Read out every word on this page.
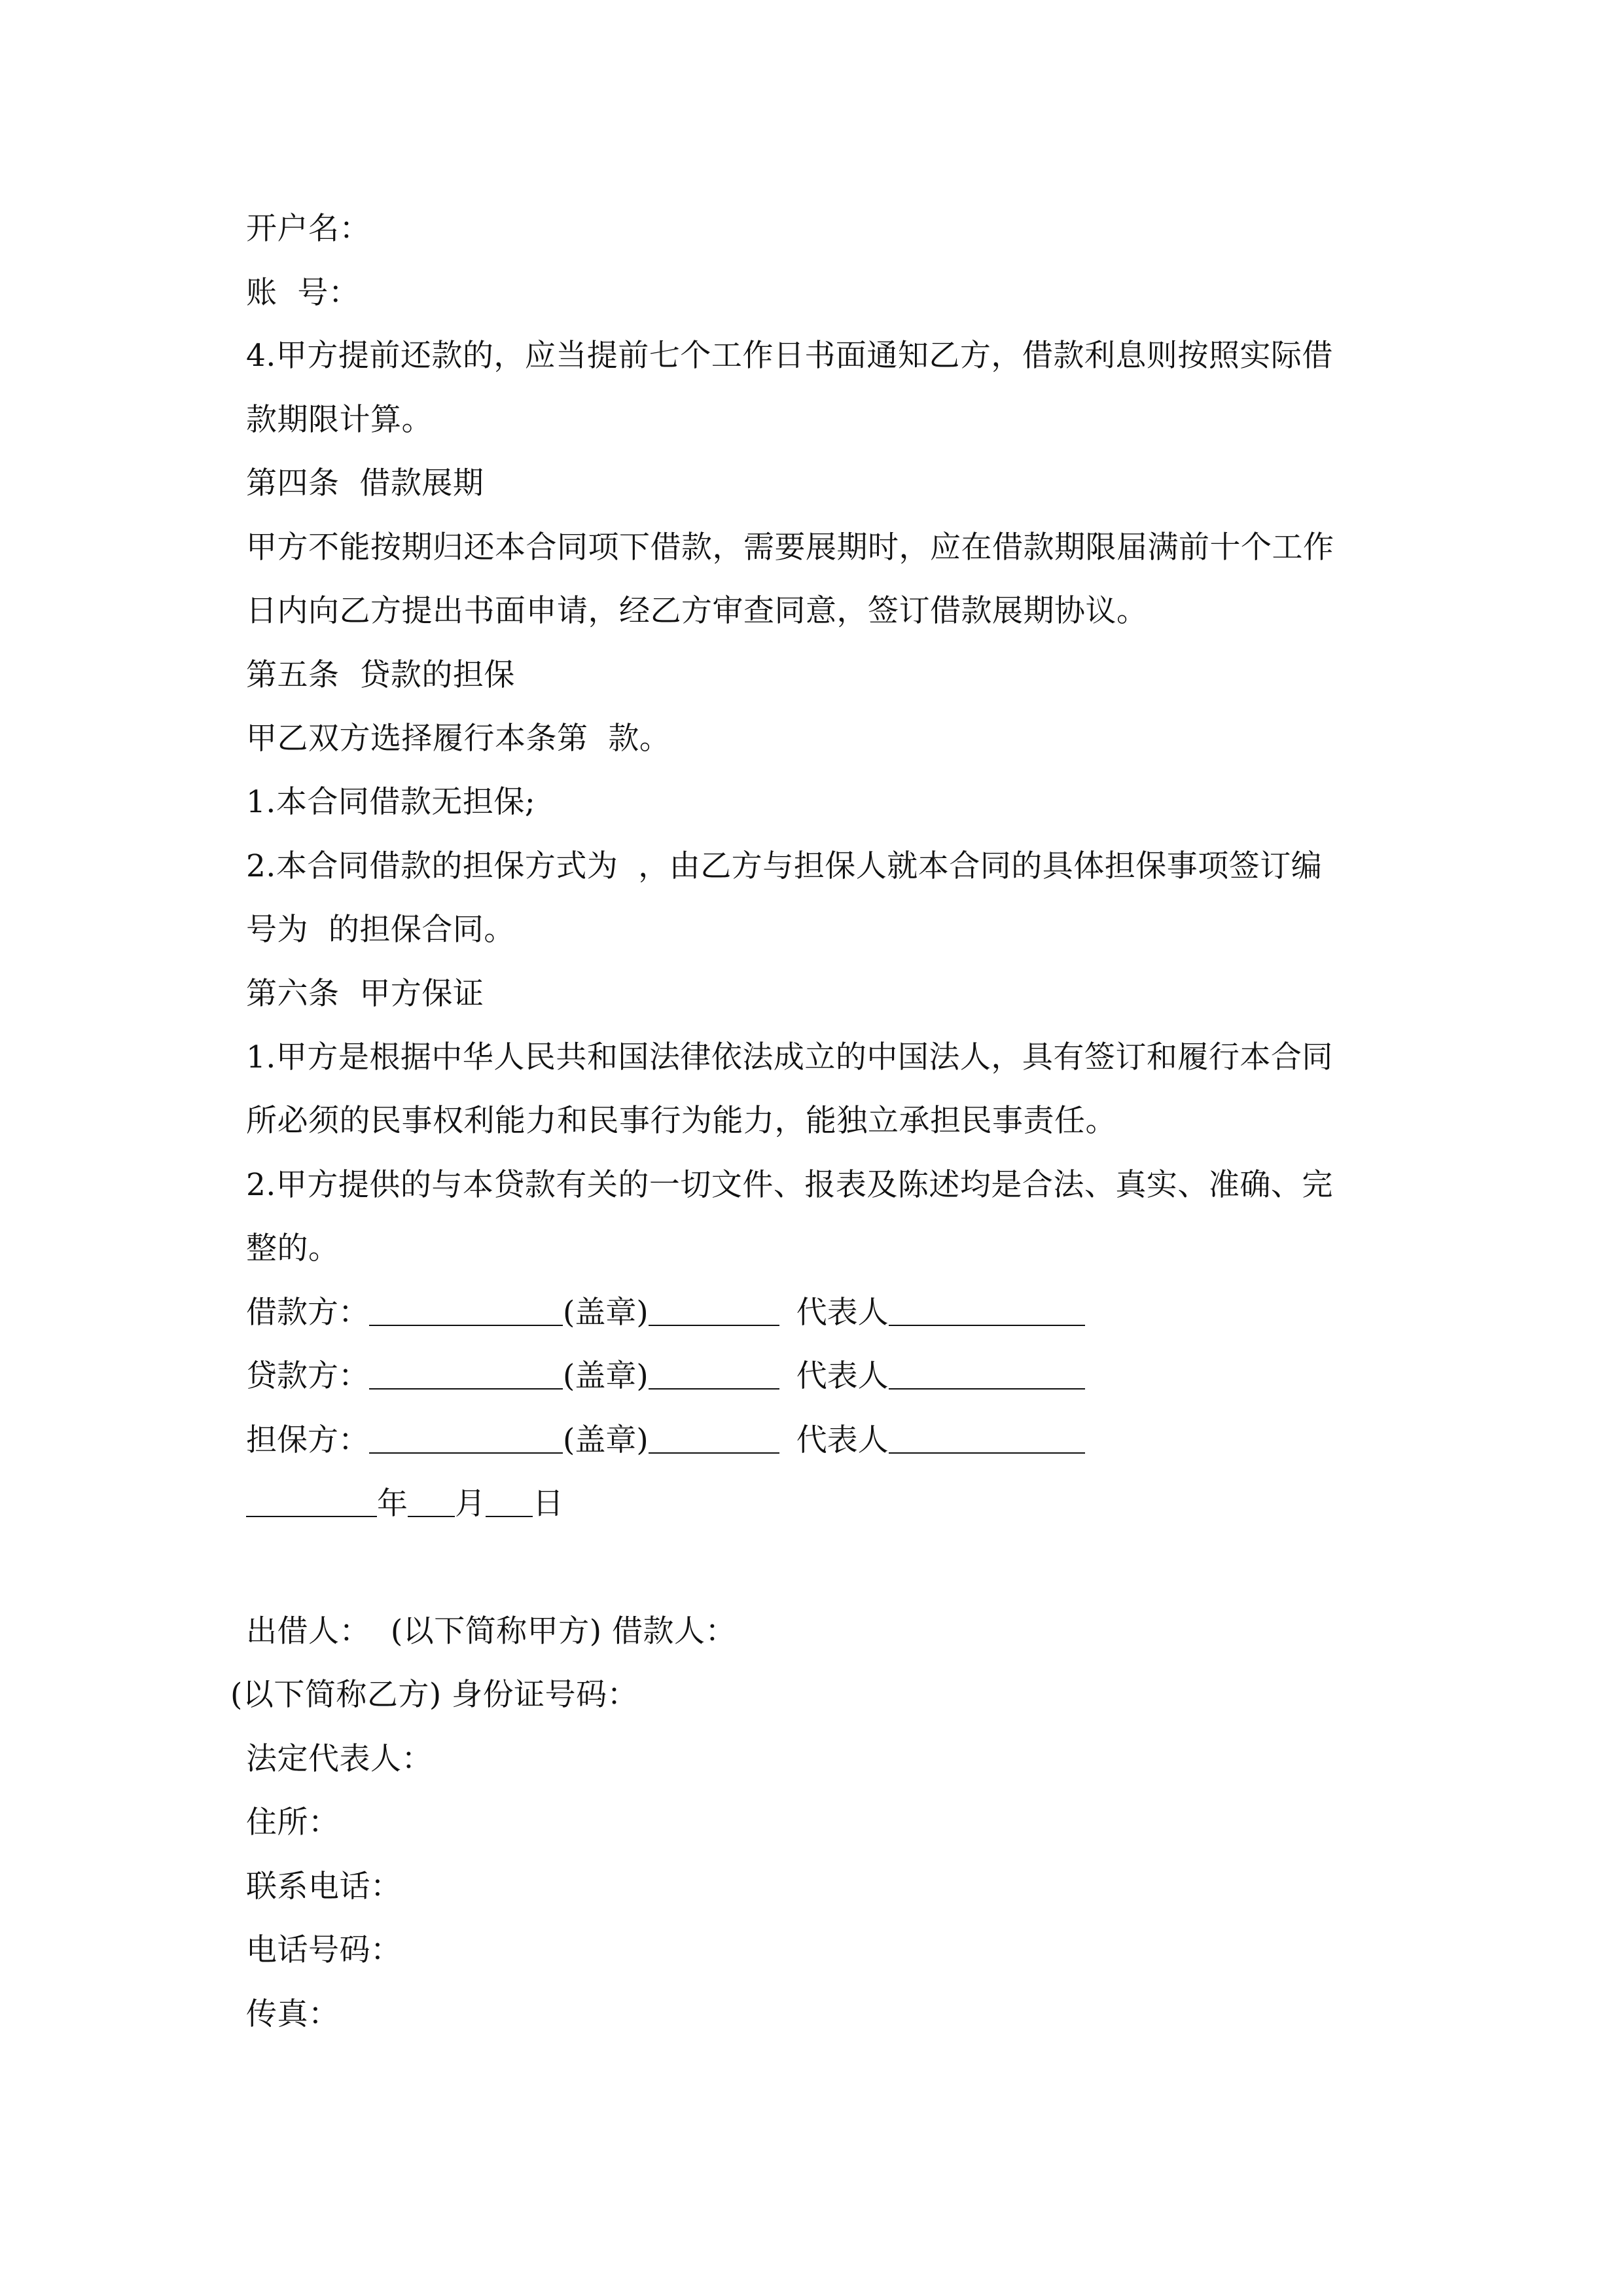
开户名：
账  号：
4.甲方提前还款的，应当提前七个工作日书面通知乙方，借款利息则按照实际借
款期限计算。
第四条  借款展期
甲方不能按期归还本合同项下借款，需要展期时，应在借款期限届满前十个工作
日内向乙方提出书面申请，经乙方审查同意，签订借款展期协议。
第五条  贷款的担保
甲乙双方选择履行本条第  款。
1.本合同借款无担保;
2.本合同借款的担保方式为  ，由乙方与担保人就本合同的具体担保事项签订编
号为  的担保合同。
第六条  甲方保证
1.甲方是根据中华人民共和国法律依法成立的中国法人，具有签订和履行本合同
所必须的民事权利能力和民事行为能力，能独立承担民事责任。
2.甲方提供的与本贷款有关的一切文件、报表及陈述均是合法、真实、准确、完
整的。
借款方：	(盖章)	代表人
贷款方：	(盖章)	代表人
担保方：	(盖章)	代表人
年 月 日
出借人：  (以下简称甲方) 借款人：
(以下简称乙方) 身份证号码：
法定代表人：
住所：
联系电话：
电话号码：
传真：
